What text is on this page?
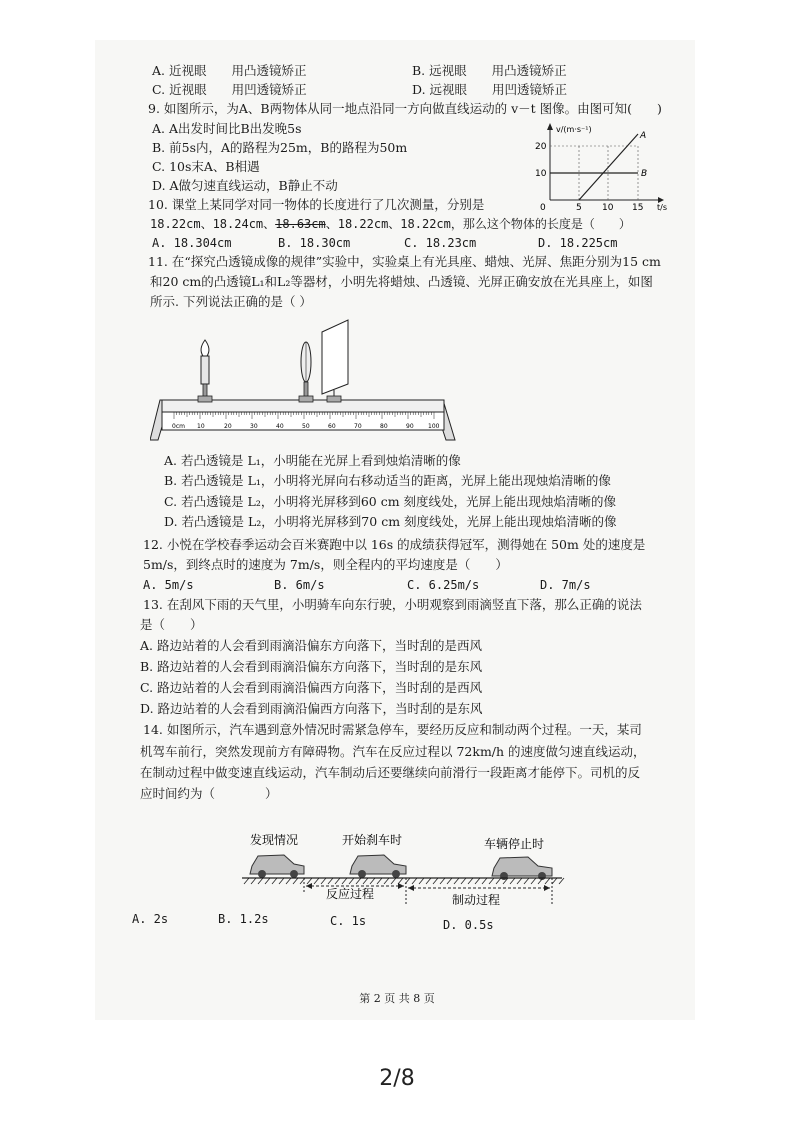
A. 近视眼　　用凸透镜矫正	B. 远视眼　　用凸透镜矫正
C. 近视眼　　用凹透镜矫正	D. 远视眼　　用凹透镜矫正
9. 如图所示，为A、B两物体从同一地点沿同一方向做直线运动的 v－t 图像。由图可知(　　)
A. A出发时间比B出发晚5s
B. 前5s内，A的路程为25m，B的路程为50m
C. 10s末A、B相遇
D. A做匀速直线运动，B静止不动
v/(m·s⁻¹)
t/s
20
10
0	5 10 15
A
B
10. 课堂上某同学对同一物体的长度进行了几次测量，分别是
18.22cm、18.24cm、18.63cm、18.22cm、18.22cm，那么这个物体的长度是（　　）
A. 18.304cm	B. 18.30cm	C. 18.23cm	D. 18.225cm
11. 在“探究凸透镜成像的规律”实验中，实验桌上有光具座、蜡烛、光屏、焦距分别为15 cm
和20 cm的凸透镜L₁和L₂等器材，小明先将蜡烛、凸透镜、光屏正确安放在光具座上，如图
所示. 下列说法正确的是（ ）
0cm 10	20	30	40	50	60	70	80	90 100
A. 若凸透镜是 L₁，小明能在光屏上看到烛焰清晰的像
B. 若凸透镜是 L₁，小明将光屏向右移动适当的距离，光屏上能出现烛焰清晰的像
C. 若凸透镜是 L₂，小明将光屏移到60 cm 刻度线处，光屏上能出现烛焰清晰的像
D. 若凸透镜是 L₂，小明将光屏移到70 cm 刻度线处，光屏上能出现烛焰清晰的像
12. 小悦在学校春季运动会百米赛跑中以 16s 的成绩获得冠军，测得她在 50m 处的速度是
5m/s，到终点时的速度为 7m/s，则全程内的平均速度是（　　）
A. 5m/s	B. 6m/s	C. 6.25m/s	D. 7m/s
13. 在刮风下雨的天气里，小明骑车向东行驶，小明观察到雨滴竖直下落，那么正确的说法
是（　　）
A. 路边站着的人会看到雨滴沿偏东方向落下，当时刮的是西风
B. 路边站着的人会看到雨滴沿偏东方向落下，当时刮的是东风
C. 路边站着的人会看到雨滴沿偏西方向落下，当时刮的是西风
D. 路边站着的人会看到雨滴沿偏西方向落下，当时刮的是东风
14. 如图所示，汽车遇到意外情况时需紧急停车，要经历反应和制动两个过程。一天，某司
机驾车前行，突然发现前方有障碍物。汽车在反应过程以 72km/h 的速度做匀速直线运动，
在制动过程中做变速直线运动，汽车制动后还要继续向前滑行一段距离才能停下。司机的反
应时间约为（　　　　）
发现情况	开始刹车时	车辆停止时
反应过程	制动过程
A. 2s	B. 1.2s	C. 1s	D. 0.5s
第 2 页 共 8 页
2/8
